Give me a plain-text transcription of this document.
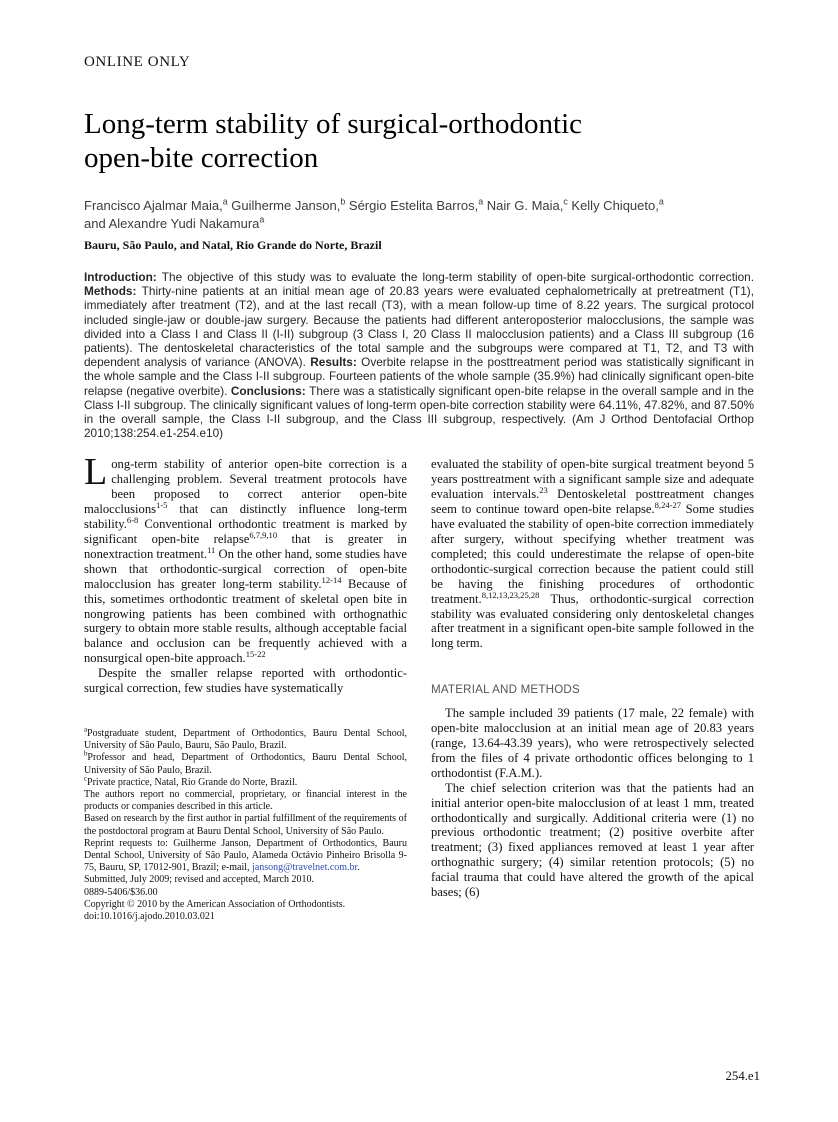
ONLINE ONLY
Long-term stability of surgical-orthodontic
open-bite correction
Francisco Ajalmar Maia,$^a$ Guilherme Janson,$^b$ Sérgio Estelita Barros,$^a$ Nair G. Maia,$^c$ Kelly Chiqueto,$^a$
and Alexandre Yudi Nakamura$^a$
Bauru, São Paulo, and Natal, Rio Grande do Norte, Brazil
Introduction: The objective of this study was to evaluate the long-term stability of open-bite surgical-orthodontic correction. Methods: Thirty-nine patients at an initial mean age of 20.83 years were evaluated cephalometrically at pretreatment (T1), immediately after treatment (T2), and at the last recall (T3), with a mean follow-up time of 8.22 years. The surgical protocol included single-jaw or double-jaw surgery. Because the patients had different anteroposterior malocclusions, the sample was divided into a Class I and Class II (I-II) subgroup (3 Class I, 20 Class II malocclusion patients) and a Class III subgroup (16 patients). The dentoskeletal characteristics of the total sample and the subgroups were compared at T1, T2, and T3 with dependent analysis of variance (ANOVA). Results: Overbite relapse in the posttreatment period was statistically significant in the whole sample and the Class I-II subgroup. Fourteen patients of the whole sample (35.9%) had clinically significant open-bite relapse (negative overbite). Conclusions: There was a statistically significant open-bite relapse in the overall sample and in the Class I-II subgroup. The clinically significant values of long-term open-bite correction stability were 64.11%, 47.82%, and 87.50% in the overall sample, the Class I-II subgroup, and the Class III subgroup, respectively. (Am J Orthod Dentofacial Orthop 2010;138:254.e1-254.e10)

Long-term stability of anterior open-bite correction is a challenging problem. Several treatment protocols have been proposed to correct anterior open-bite malocclusions$^{1-5}$ that can distinctly influence long-term stability.$^{6-8}$ Conventional orthodontic treatment is marked by significant open-bite relapse$^{6,7,9,10}$ that is greater in nonextraction treatment.$^{11}$ On the other hand, some studies have shown that orthodontic-surgical correction of open-bite malocclusion has greater long-term stability.$^{12-14}$ Because of this, sometimes orthodontic treatment of skeletal open bite in nongrowing patients has been combined with orthognathic surgery to obtain more stable results, although acceptable facial balance and occlusion can be frequently achieved with a nonsurgical open-bite approach.$^{15-22}$

Despite the smaller relapse reported with orthodontic-surgical correction, few studies have systematically

$^a$Postgraduate student, Department of Orthodontics, Bauru Dental School, University of São Paulo, Bauru, São Paulo, Brazil.

$^b$Professor and head, Department of Orthodontics, Bauru Dental School, University of São Paulo, Brazil.

$^c$Private practice, Natal, Rio Grande do Norte, Brazil.

The authors report no commercial, proprietary, or financial interest in the products or companies described in this article.

Based on research by the first author in partial fulfillment of the requirements of the postdoctoral program at Bauru Dental School, University of São Paulo.

Reprint requests to: Guilherme Janson, Department of Orthodontics, Bauru Dental School, University of São Paulo, Alameda Octávio Pinheiro Brisolla 9-75, Bauru, SP, 17012-901, Brazil; e-mail, jansong@travelnet.com.br.

Submitted, July 2009; revised and accepted, March 2010.

0889-5406/$36.00

Copyright © 2010 by the American Association of Orthodontists.

doi:10.1016/j.ajodo.2010.03.021

evaluated the stability of open-bite surgical treatment beyond 5 years posttreatment with a significant sample size and adequate evaluation intervals.$^{23}$ Dentoskeletal posttreatment changes seem to continue toward open-bite relapse.$^{8,24-27}$ Some studies have evaluated the stability of open-bite correction immediately after surgery, without specifying whether treatment was completed; this could underestimate the relapse of open-bite orthodontic-surgical correction because the patient could still be having the finishing procedures of orthodontic treatment.$^{8,12,13,23,25,28}$ Thus, orthodontic-surgical correction stability was evaluated considering only dentoskeletal changes after treatment in a significant open-bite sample followed in the long term.

MATERIAL AND METHODS

The sample included 39 patients (17 male, 22 female) with open-bite malocclusion at an initial mean age of 20.83 years (range, 13.64-43.39 years), who were retrospectively selected from the files of 4 private orthodontic offices belonging to 1 orthodontist (F.A.M.).

The chief selection criterion was that the patients had an initial anterior open-bite malocclusion of at least 1 mm, treated orthodontically and surgically. Additional criteria were (1) no previous orthodontic treatment; (2) positive overbite after treatment; (3) fixed appliances removed at least 1 year after orthognathic surgery; (4) similar retention protocols; (5) no facial trauma that could have altered the growth of the apical bases; (6)

254.e1
